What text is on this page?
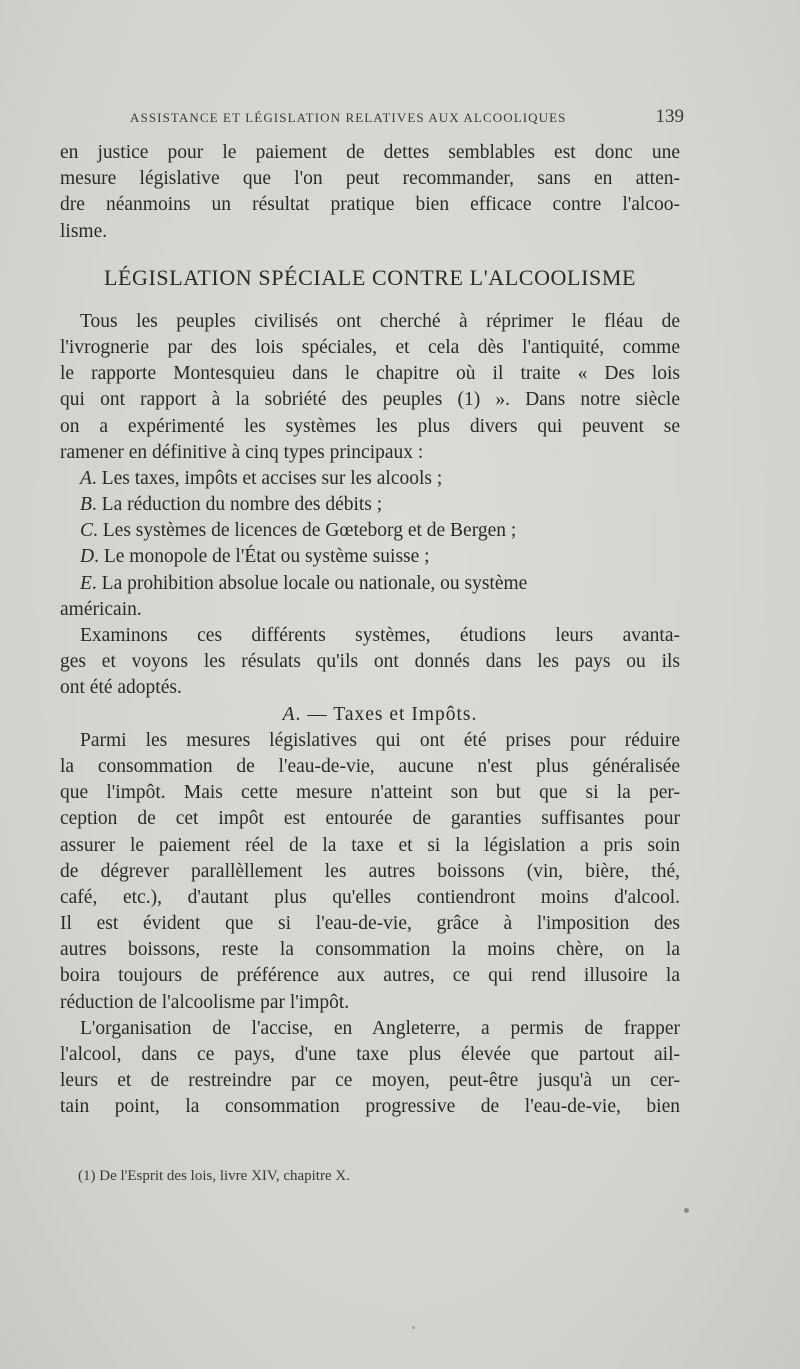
ASSISTANCE ET LÉGISLATION RELATIVES AUX ALCOOLIQUES	139
en justice pour le paiement de dettes semblables est donc une
mesure législative que l'on peut recommander, sans en atten-
dre néanmoins un résultat pratique bien efficace contre l'alcoo-
lisme.
LÉGISLATION SPÉCIALE CONTRE L'ALCOOLISME
Tous les peuples civilisés ont cherché à réprimer le fléau de
l'ivrognerie par des lois spéciales, et cela dès l'antiquité, comme
le rapporte Montesquieu dans le chapitre où il traite « Des lois
qui ont rapport à la sobriété des peuples (1) ». Dans notre siècle
on a expérimenté les systèmes les plus divers qui peuvent se
ramener en définitive à cinq types principaux :
A. Les taxes, impôts et accises sur les alcools ;
B. La réduction du nombre des débits ;
C. Les systèmes de licences de Gœteborg et de Bergen ;
D. Le monopole de l'État ou système suisse ;
E. La prohibition absolue locale ou nationale, ou système
américain.
Examinons ces différents systèmes, étudions leurs avanta-
ges et voyons les résulats qu'ils ont donnés dans les pays ou ils
ont été adoptés.
A. — Taxes et Impôts.
Parmi les mesures législatives qui ont été prises pour réduire
la consommation de l'eau-de-vie, aucune n'est plus généralisée
que l'impôt. Mais cette mesure n'atteint son but que si la per-
ception de cet impôt est entourée de garanties suffisantes pour
assurer le paiement réel de la taxe et si la législation a pris soin
de dégrever parallèllement les autres boissons (vin, bière, thé,
café, etc.), d'autant plus qu'elles contiendront moins d'alcool.
Il est évident que si l'eau-de-vie, grâce à l'imposition des
autres boissons, reste la consommation la moins chère, on la
boira toujours de préférence aux autres, ce qui rend illusoire la
réduction de l'alcoolisme par l'impôt.
L'organisation de l'accise, en Angleterre, a permis de frapper
l'alcool, dans ce pays, d'une taxe plus élevée que partout ail-
leurs et de restreindre par ce moyen, peut-être jusqu'à un cer-
tain point, la consommation progressive de l'eau-de-vie, bien
(1) De l'Esprit des lois, livre XIV, chapitre X.
